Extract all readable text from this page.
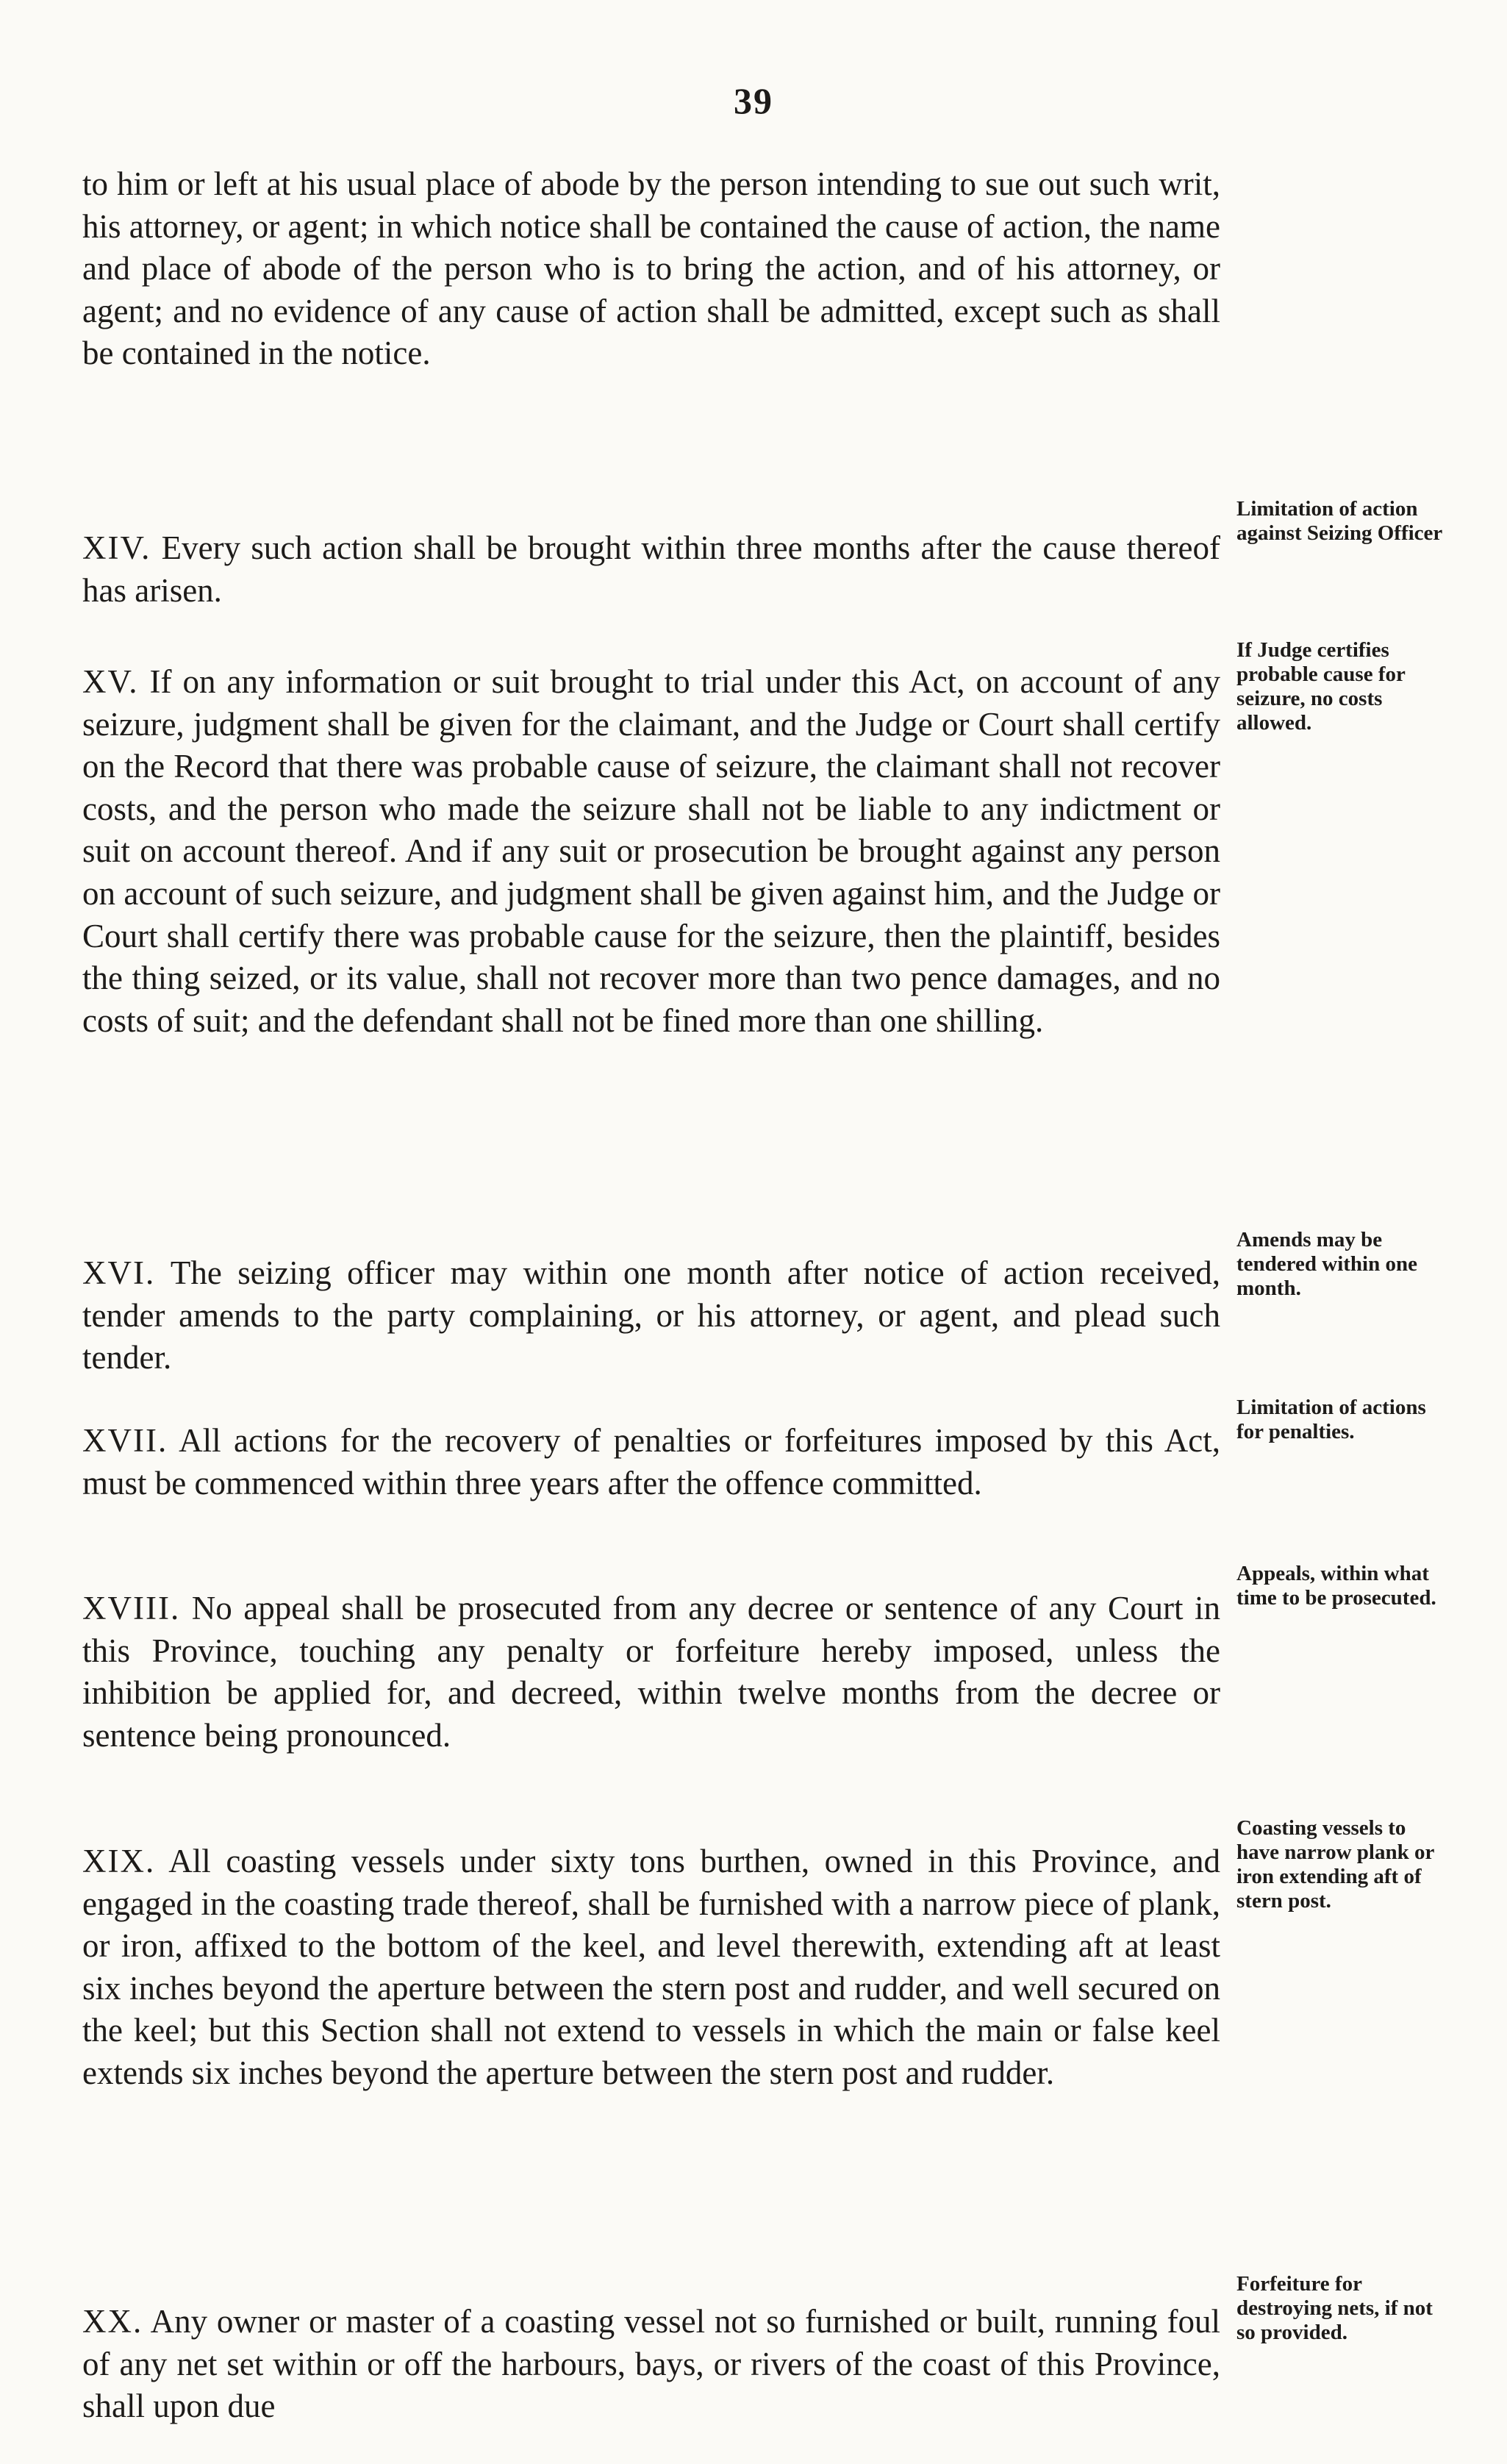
39

to him or left at his usual place of abode by the person intending to sue out such writ, his attorney, or agent; in which notice shall be contained the cause of action, the name and place of abode of the person who is to bring the action, and of his attorney, or agent; and no evidence of any cause of action shall be admitted, except such as shall be contained in the notice.

XIV. Every such action shall be brought within three months after the cause thereof has arisen.

Limitation of action against Seizing Officer

XV. If on any information or suit brought to trial under this Act, on account of any seizure, judgment shall be given for the claimant, and the Judge or Court shall certify on the Record that there was probable cause of seizure, the claimant shall not recover costs, and the person who made the seizure shall not be liable to any indictment or suit on account thereof. And if any suit or prosecution be brought against any person on account of such seizure, and judgment shall be given against him, and the Judge or Court shall certify there was probable cause for the seizure, then the plaintiff, besides the thing seized, or its value, shall not recover more than two pence damages, and no costs of suit; and the defendant shall not be fined more than one shilling.

If Judge certifies probable cause for seizure, no costs allowed.

XVI. The seizing officer may within one month after notice of action received, tender amends to the party complaining, or his attorney, or agent, and plead such tender.

Amends may be tendered within one month.

XVII. All actions for the recovery of penalties or forfeitures imposed by this Act, must be commenced within three years after the offence committed.

Limitation of actions for penalties.

XVIII. No appeal shall be prosecuted from any decree or sentence of any Court in this Province, touching any penalty or forfeiture hereby imposed, unless the inhibition be applied for, and decreed, within twelve months from the decree or sentence being pronounced.

Appeals, within what time to be prosecuted.

XIX. All coasting vessels under sixty tons burthen, owned in this Province, and engaged in the coasting trade thereof, shall be furnished with a narrow piece of plank, or iron, affixed to the bottom of the keel, and level therewith, extending aft at least six inches beyond the aperture between the stern post and rudder, and well secured on the keel; but this Section shall not extend to vessels in which the main or false keel extends six inches beyond the aperture between the stern post and rudder.

Coasting vessels to have narrow plank or iron extending aft of stern post.

XX. Any owner or master of a coasting vessel not so furnished or built, running foul of any net set within or off the harbours, bays, or rivers of the coast of this Province, shall upon due

Forfeiture for destroying nets, if not so provided.
